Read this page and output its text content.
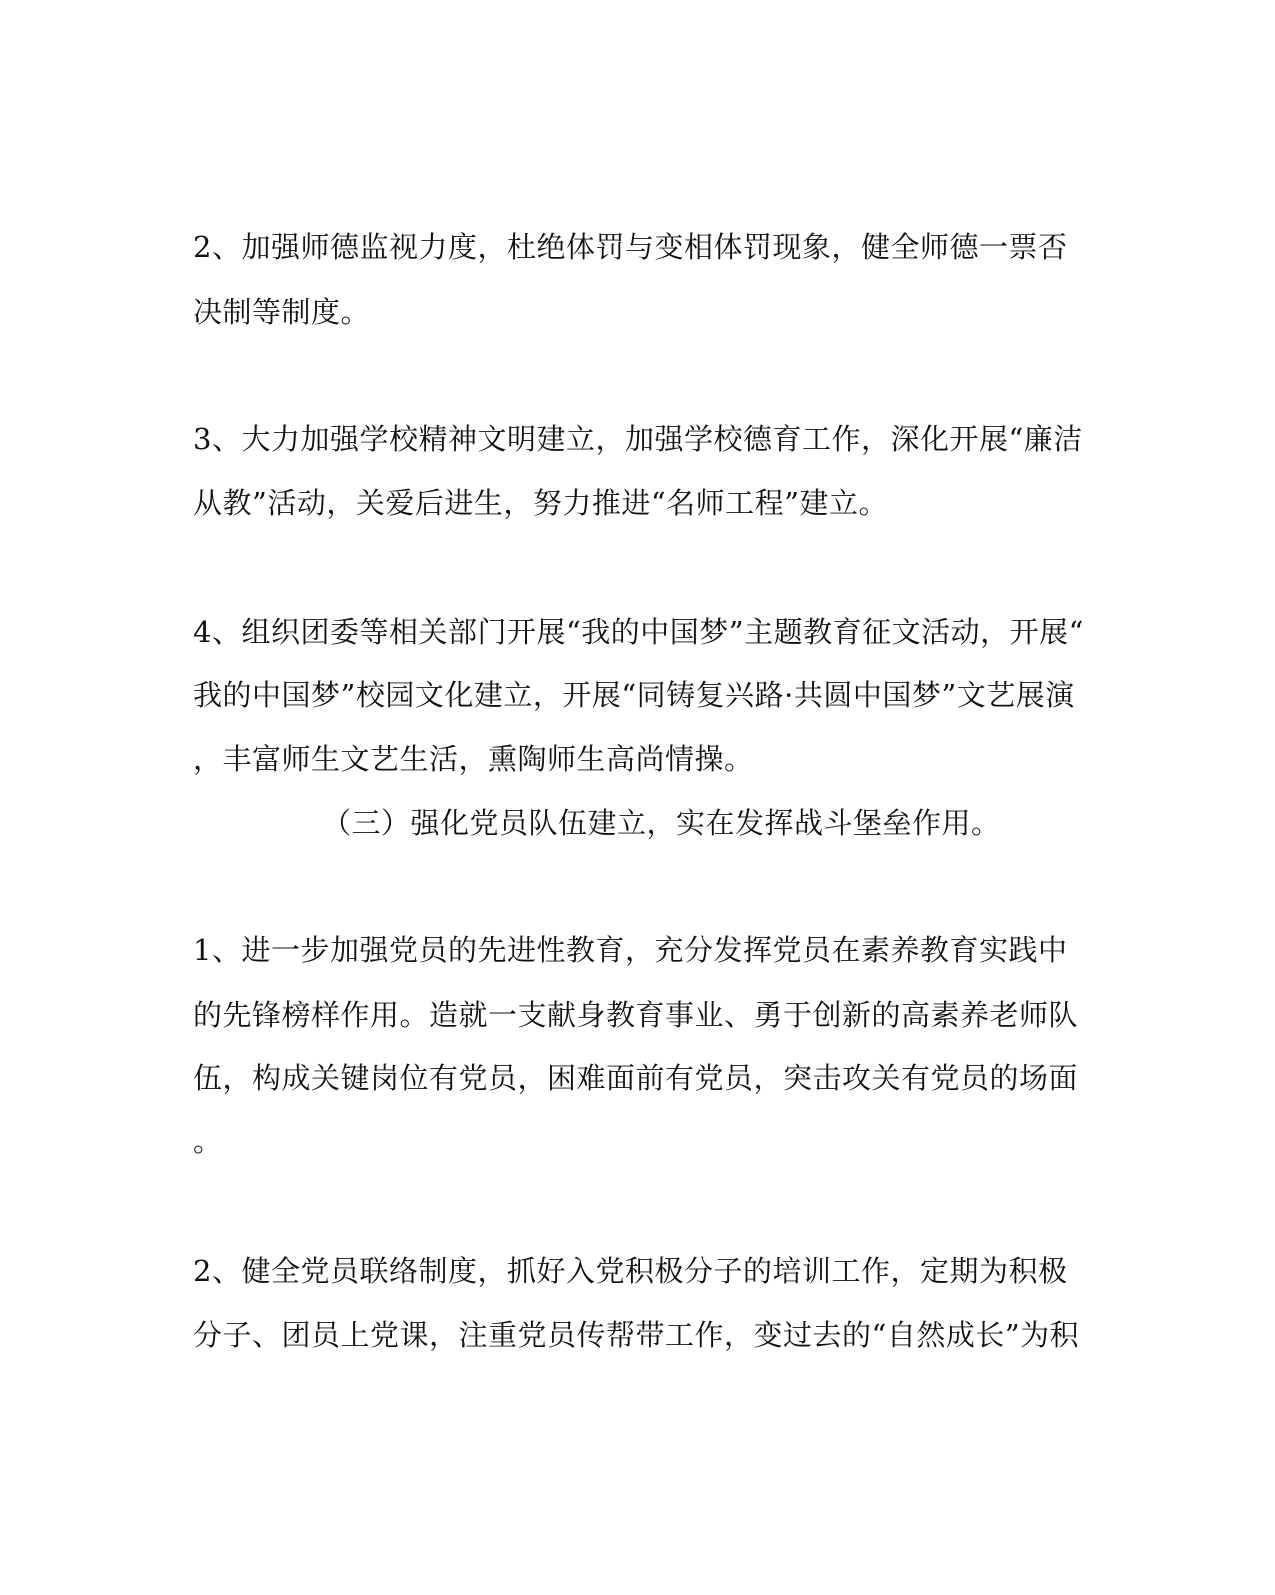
2、加强师德监视力度，杜绝体罚与变相体罚现象，健全师德一票否
决制等制度。
3、大力加强学校精神文明建立，加强学校德育工作，深化开展“廉洁
从教”活动，关爱后进生，努力推进“名师工程”建立。
4、组织团委等相关部门开展“我的中国梦”主题教育征文活动，开展“
我的中国梦”校园文化建立，开展“同铸复兴路·共圆中国梦”文艺展演
，丰富师生文艺生活，熏陶师生高尚情操。
（三）强化党员队伍建立，实在发挥战斗堡垒作用。
1、进一步加强党员的先进性教育，充分发挥党员在素养教育实践中
的先锋榜样作用。造就一支献身教育事业、勇于创新的高素养老师队
伍，构成关键岗位有党员，困难面前有党员，突击攻关有党员的场面
。
2、健全党员联络制度，抓好入党积极分子的培训工作，定期为积极
分子、团员上党课，注重党员传帮带工作，变过去的“自然成长”为积
